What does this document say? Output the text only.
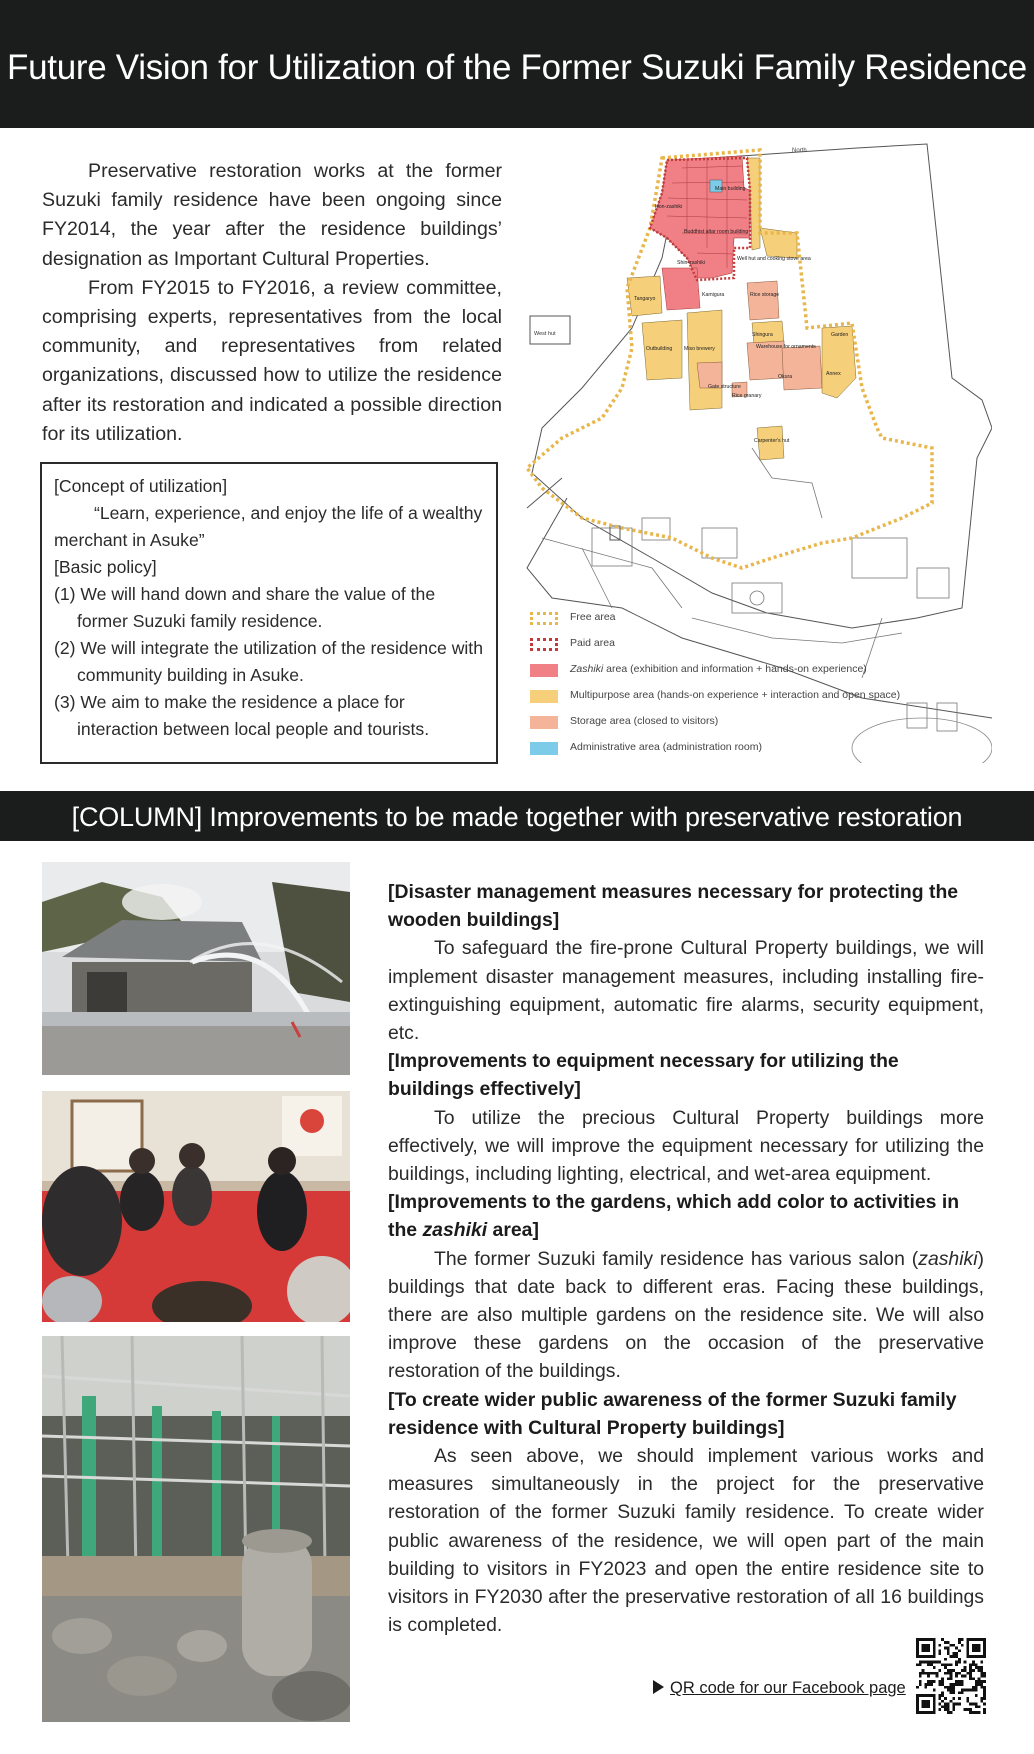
Future Vision for Utilization of the Former Suzuki Family Residence

Preservative restoration works at the former Suzuki family residence have been ongoing since FY2014, the year after the residence buildings’ designation as Important Cultural Properties.

From FY2015 to FY2016, a review committee, comprising experts, representatives from the local community, and representatives from related organizations, discussed how to utilize the residence after its restoration and indicated a possible direction for its utilization.

[Concept of utilization]
“Learn, experience, and enjoy the life of a wealthy merchant in Asuke”
[Basic policy]
(1) We will hand down and share the value of the former Suzuki family residence.
(2) We will integrate the utilization of the residence with community building in Asuke.
(3) We aim to make the residence a place for interaction between local people and tourists.
North
West hut
Main building
Hon-zashiki
Buddhist altar room building
Shin-zashiki
Well hut and cooking stove area
Kamigura
Tangaryo
Rice storage
Outbuilding Miso brewery
Shingura
Warehouse for ornaments
Garden
Okura	Annex
Gate structure
Rice granary
Carpenter's hut
Free area
Paid area
Zashiki area (exhibition and information + hands-on experience)
Multipurpose area (hands-on experience + interaction and open space)
Storage area (closed to visitors)
Administrative area (administration room)
[COLUMN] Improvements to be made together with preservative restoration
[Disaster management measures necessary for protecting the wooden buildings]

To safeguard the fire-prone Cultural Property buildings, we will implement disaster management measures, including installing fire-extinguishing equipment, automatic fire alarms, security equipment, etc.

[Improvements to equipment necessary for utilizing the buildings effectively]

To utilize the precious Cultural Property buildings more effectively, we will improve the equipment necessary for utilizing the buildings, including lighting, electrical, and wet-area equipment.

[Improvements to the gardens, which add color to activities in the zashiki area]

The former Suzuki family residence has various salon (zashiki) buildings that date back to different eras. Facing these buildings, there are also multiple gardens on the residence site. We will also improve these gardens on the occasion of the preservative restoration of the buildings.

[To create wider public awareness of the former Suzuki family residence with Cultural Property buildings]

As seen above, we should implement various works and measures simultaneously in the project for the preservative restoration of the former Suzuki family residence. To create wider public awareness of the residence, we will open part of the main building to visitors in FY2023 and open the entire residence site to visitors in FY2030 after the preservative restoration of all 16 buildings is completed.

QR code for our Facebook page
